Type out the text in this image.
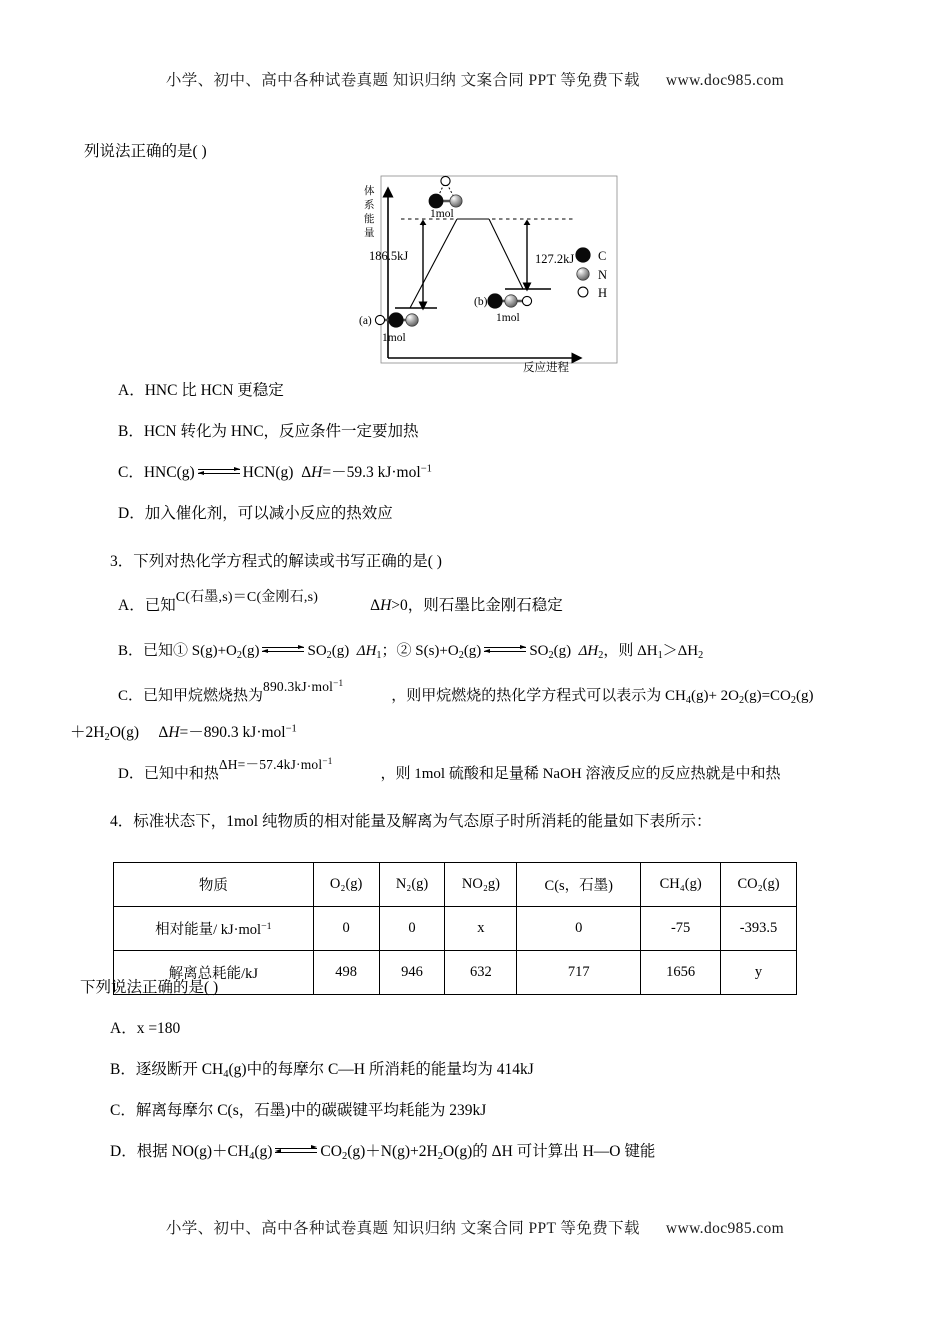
小学、初中、高中各种试卷真题 知识归纳 文案合同 PPT 等免费下载 www.doc985.com

列说法正确的是( )

A．HNC 比 HCN 更稳定

B．HCN 转化为 HNC，反应条件一定要加热

C．HNC(g)	HCN(g) ΔH=－59.3 kJ·mol$^{-1}$

D．加入催化剂，可以减小反应的热效应

3．下列对热化学方程式的解读或书写正确的是( )

A．已知C(石墨,s)＝C(金刚石,s)	ΔH>0，则石墨比金刚石稳定

B．已知① $S(g)+O_2(g)$	$SO_2(g)$ $\Delta H_1$；② $S(s)+O_2(g)$	$SO_2(g)$ $\Delta H_2$，则 $\Delta H_1>\Delta H_2$

C．已知甲烷燃烧热为890.3kJ·mol$^{-1}$，则甲烷燃烧的热化学方程式可以表示为 $CH_4(g)+ 2O_2(g)=CO_2(g)$

$+2H_2O(g)$　 ΔH=－890.3 kJ·mol$^{-1}$

D．已知中和热ΔH=－57.4kJ·mol$^{-1}$，则 1mol 硫酸和足量稀 NaOH 溶液反应的反应热就是中和热

4．标准状态下，1mol 纯物质的相对能量及解离为气态原子时所消耗的能量如下表所示：

下列说法正确的是( )

A．x =180

B．逐级断开 $CH_4(g)$中的每摩尔 C—H 所消耗的能量均为 414kJ

C．解离每摩尔 C(s，石墨)中的碳碳键平均耗能为 239kJ

D．根据 $NO(g)+CH_4(g)$	$CO_2(g)+N(g)+2H_2O(g)$的 ΔH 可计算出 H—O 键能

186.5kJ	127.2kJ
体
系
能
量
反应进程
1mol
(a)
1mol
(b)
1mol
C
N
H
物质	O₂(g)	N₂(g)	NO₂g)	C(s，石墨)	CH₄(g)	CO₂(g)
相对能量/ kJ·mol$^{-1}$	0	0	x	0	-75	-393.5
解离总耗能/kJ	498	946	632	717	1656	y
小学、初中、高中各种试卷真题 知识归纳 文案合同 PPT 等免费下载 www.doc985.com
